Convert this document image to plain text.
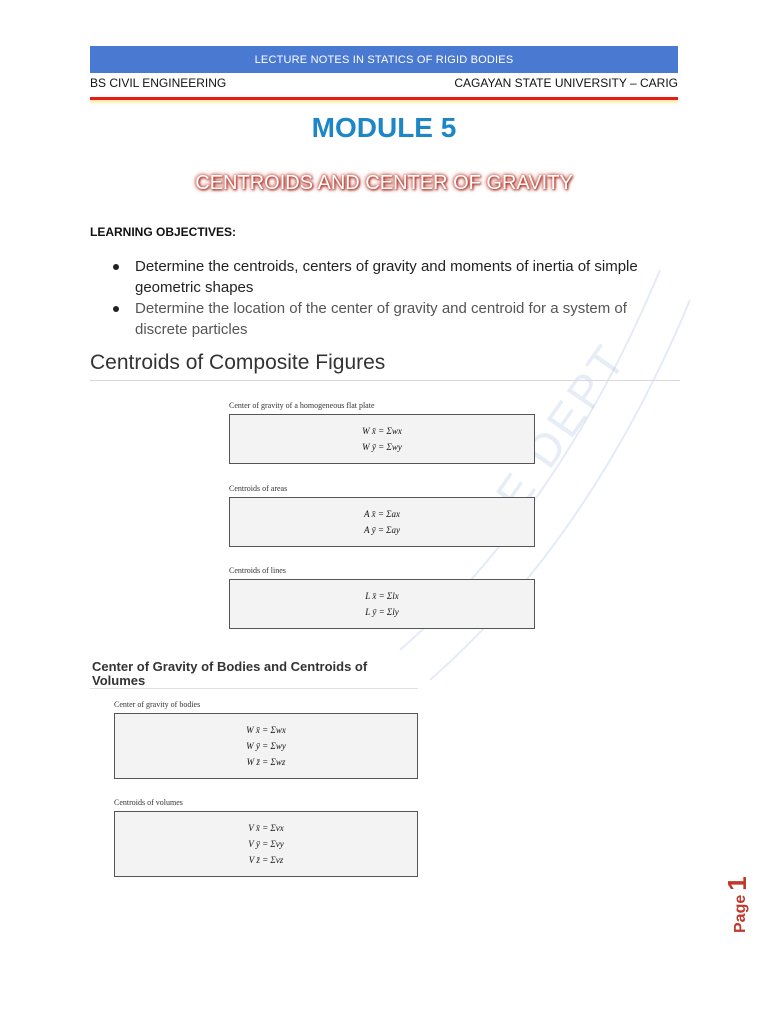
LECTURE NOTES IN STATICS OF RIGID BODIES
BS CIVIL ENGINEERING	CAGAYAN STATE UNIVERSITY – CARIG
CE DEPT
MODULE 5
CENTROIDS AND CENTER OF GRAVITY
LEARNING OBJECTIVES:
Determine the centroids, centers of gravity and moments of inertia of simple geometric shapes
Determine the location of the center of gravity and centroid for a system of discrete particles
Centroids of Composite Figures

Center of gravity of a homogeneous flat plate

W x̄ = Σwx
W ȳ = Σwy

Centroids of areas

A x̄ = Σax
A ȳ = Σay

Centroids of lines

L x̄ = Σlx
L ȳ = Σly
Center of Gravity of Bodies and Centroids of Volumes

Center of gravity of bodies

W x̄ = Σwx
W ȳ = Σwy
W z̄ = Σwz

Centroids of volumes

V x̄ = Σvx
V ȳ = Σvy
V z̄ = Σvz
Page
1
